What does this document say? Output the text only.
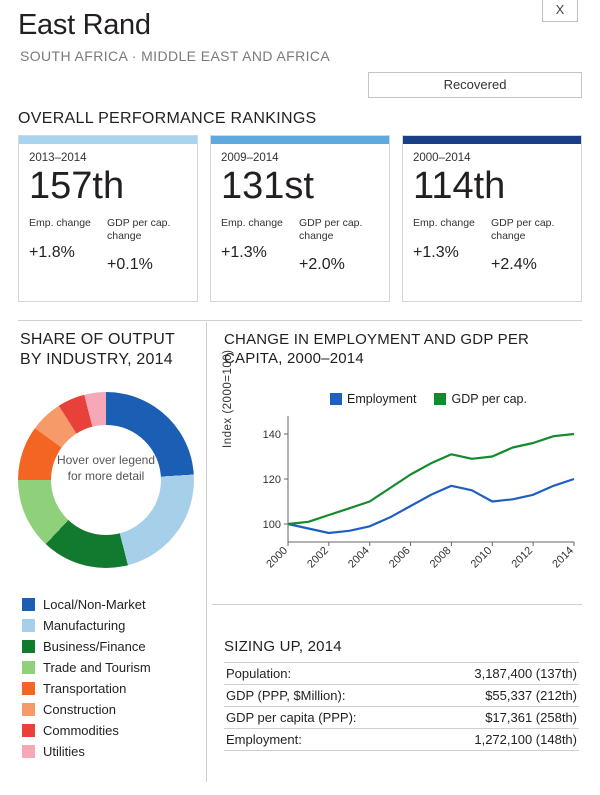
X
East Rand
SOUTH AFRICA · MIDDLE EAST AND AFRICA
Recovered
OVERALL PERFORMANCE RANKINGS
2013–2014
157th
Emp. change
+1.8%
GDP per cap. change
+0.1%
2009–2014
131st
Emp. change
+1.3%
GDP per cap. change
+2.0%
2000–2014
114th
Emp. change
+1.3%
GDP per cap. change
+2.4%
SHARE OF OUTPUT BY INDUSTRY, 2014
Hover over legend for more detail
Local/Non-Market
Manufacturing
Business/Finance
Trade and Tourism
Transportation
Construction
Commodities
Utilities
CHANGE IN EMPLOYMENT AND GDP PER CAPITA, 2000–2014
Employment	GDP per cap.
Index (2000=100)
100
120
140
2000 2002 2004 2006 2008 2010 2012 2014
SIZING UP, 2014
Population:	3,187,400 (137th)
GDP (PPP, $Million):	$55,337 (212th)
GDP per capita (PPP):	$17,361 (258th)
Employment:	1,272,100 (148th)
